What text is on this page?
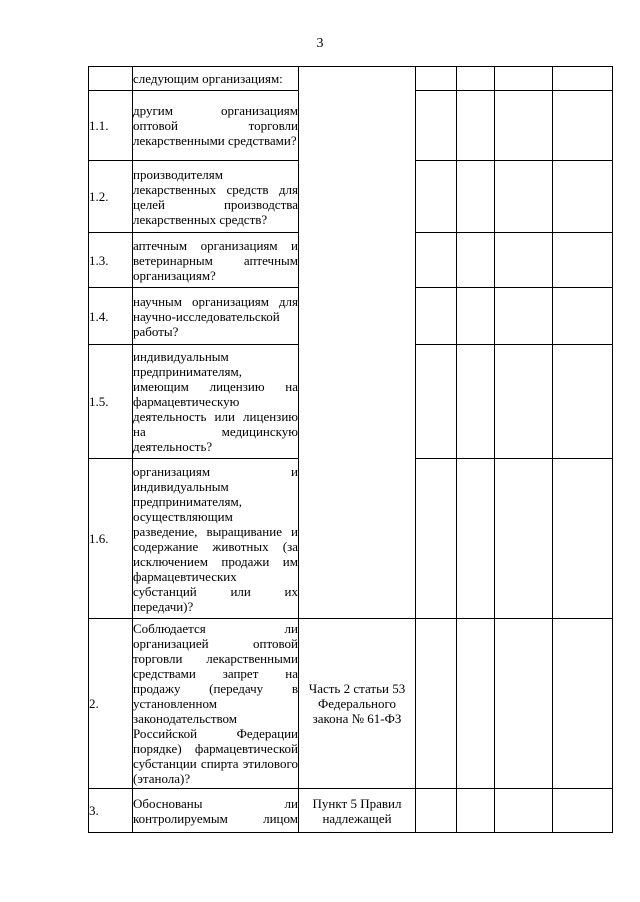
3
	следующим организациям:					
1.1.	другим организациям оптовой торговли лекарственными средствами?					
1.2.	производителям лекарственных средств для целей производства лекарственных средств?					
1.3.	аптечным организациям и ветеринарным аптечным организациям?					
1.4.	научным организациям для научно-исследовательской работы?					
1.5.	индивидуальным предпринимателям, имеющим лицензию на фармацевтическую деятельность или лицензию на медицинскую деятельность?					
1.6.	организациям и индивидуальным предпринимателям, осуществляющим разведение, выращивание и содержание животных (за исключением продажи им фармацевтических субстанций или их передачи)?					
2.	Соблюдается ли организацией оптовой торговли лекарственными средствами запрет на продажу (передачу в установленном законодательством Российской Федерации порядке) фармацевтической субстанции спирта этилового (этанола)?	Часть 2 статьи 53 Федерального закона № 61-ФЗ				
3.	Обоснованы ли контролируемым лицом	Пункт 5 Правил надлежащей				
